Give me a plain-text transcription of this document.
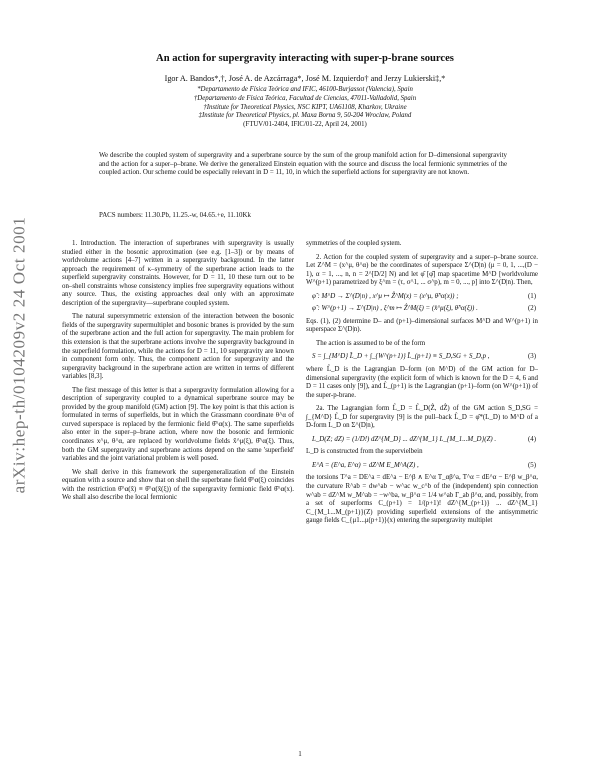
arXiv:hep-th/0104209v2 24 Oct 2001
An action for supergravity interacting with super-p-brane sources
Igor A. Bandos*,†, José A. de Azcárraga*, José M. Izquierdo† and Jerzy Lukierski‡,*
*Departamento de Física Teórica and IFIC, 46100-Burjassot (Valencia), Spain
†Departamento de Física Teórica, Facultad de Ciencias, 47011-Valladolid, Spain
†Institute for Theoretical Physics, NSC KIPT, UA61108, Kharkov, Ukraine
‡Institute for Theoretical Physics, pl. Maxa Borna 9, 50-204 Wroclaw, Poland
(FTUV/01-2404, IFIC/01-22, April 24, 2001)
We describe the coupled system of supergravity and a superbrane source by the sum of the group manifold action for D–dimensional supergravity and the action for a super–p–brane. We derive the generalized Einstein equation with the source and discuss the local fermionic symmetries of the coupled action. Our scheme could be especially relevant in D = 11, 10, in which the superfield actions for supergravity are not known.
PACS numbers: 11.30.Pb, 11.25.-w, 04.65.+e, 11.10Kk

1. Introduction. The interaction of superbranes with supergravity is usually studied either in the bosonic approximation (see e.g. [1–3]) or by means of worldvolume actions [4–7] written in a supergravity background. In the latter approach the requirement of κ–symmetry of the superbrane action leads to the superfield supergravity constraints. However, for D = 11, 10 these turn out to be on–shell constraints whose consistency implies free supergravity equations without any source. Thus, the existing approaches deal only with an approximate description of the supergravity—superbrane coupled system.

The natural supersymmetric extension of the interaction between the bosonic fields of the supergravity supermultiplet and bosonic branes is provided by the sum of the superbrane action and the full action for supergravity. The main problem for this extension is that the superbrane actions involve the supergravity background in the superfield formulation, while the actions for D = 11, 10 supergravity are known in component form only. Thus, the component action for supergravity and the supergravity background in the superbrane action are written in terms of different variables [8,3].

The first message of this letter is that a supergravity formulation allowing for a description of supergravity coupled to a dynamical superbrane source may be provided by the group manifold (GM) action [9]. The key point is that this action is formulated in terms of superfields, but in which the Grassmann coordinate θ^α of curved superspace is replaced by the fermionic field θ̂^α(x). The same superfields also enter in the super–p–brane action, where now the bosonic and fermionic coordinates x^μ, θ^α, are replaced by worldvolume fields x̂^μ(ξ), θ̂^α(ξ). Thus, both the GM supergravity and superbrane actions depend on the same 'superfield' variables and the joint variational problem is well posed.

We shall derive in this framework the supergeneralization of the Einstein equation with a source and show that on shell the superbrane field θ̂^α(ξ) coincides with the restriction θ̂^α(x̂) ≡ θ̂^α(x̂(ξ)) of the supergravity fermionic field θ̂^α(x). We shall also describe the local fermionic

symmetries of the coupled system.

2. Action for the coupled system of supergravity and a super–p–brane source. Let Z^M = (x^μ, θ^α) be the coordinates of superspace Σ^(D|n) (μ = 0, 1, ...,(D − 1), α = 1, ..., n, n = 2^[D/2] N) and let φ̂ [φ̂] map spacetime M^D [worldvolume W^(p+1) parametrized by ξ^m = (τ, σ^1, ... σ^p), m = 0, ..., p] into Σ^(D|n). Then,

φ̂ : M^D → Σ^(D|n) , x^μ ↦ Ẑ^M(x) = (x^μ, θ̂^α(x)) ;	(1)
φ̂ : W^(p+1) → Σ^(D|n) , ξ^m ↦ Ẑ^M(ξ) = (x̂^μ(ξ), θ̂^α(ξ)) .	(2)

Eqs. (1), (2) determine D– and (p+1)–dimensional surfaces M^D and W^(p+1) in superspace Σ^(D|n).

The action is assumed to be of the form

S = ∫_{M^D} L̂_D + ∫_{W^(p+1)} L̂_(p+1) ≡ S_D,SG + S_D,p ,	(3)

where L̂_D is the Lagrangian D–form (on M^D) of the GM action for D–dimensional supergravity (the explicit form of which is known for the D = 4, 6 and D = 11 cases only [9]), and L̂_(p+1) is the Lagrangian (p+1)–form (on W^(p+1)) of the super-p-brane.

2a. The Lagrangian form L̂_D = L̂_D(Ẑ, dẐ) of the GM action S_D,SG = ∫_{M^D} L̂_D for supergravity [9] is the pull–back L̂_D = φ̂*(L_D) to M^D of a D-form L_D on Σ^(D|n),

L_D(Z; dZ) = (1/D!) dZ^{M_D} ... dZ^{M_1} L_{M_1...M_D}(Z) .	(4)

L_D is constructed from the supervielbein

E^A = (E^a, E^α) = dZ^M E_M^A(Z) ,	(5)

the torsions T^a = DE^a = dE^a − E^β ∧ E^α T_αβ^a, T^α = dE^α − E^β w_β^α, the curvature R^ab = dw^ab − w^ac w_c^b of the (independent) spin connection w^ab = dZ^M w_M^ab = −w^ba, w_β^α = 1/4 w^ab Γ_ab β^α, and, possibly, from a set of superforms C_(p+1) = 1/(p+1)! dZ^{M_(p+1)} ... dZ^{M_1} C_{M_1...M_(p+1)}(Z) providing superfield extensions of the antisymmetric gauge fields C_{μ1...μ(p+1)}(x) entering the supergravity multiplet

1
